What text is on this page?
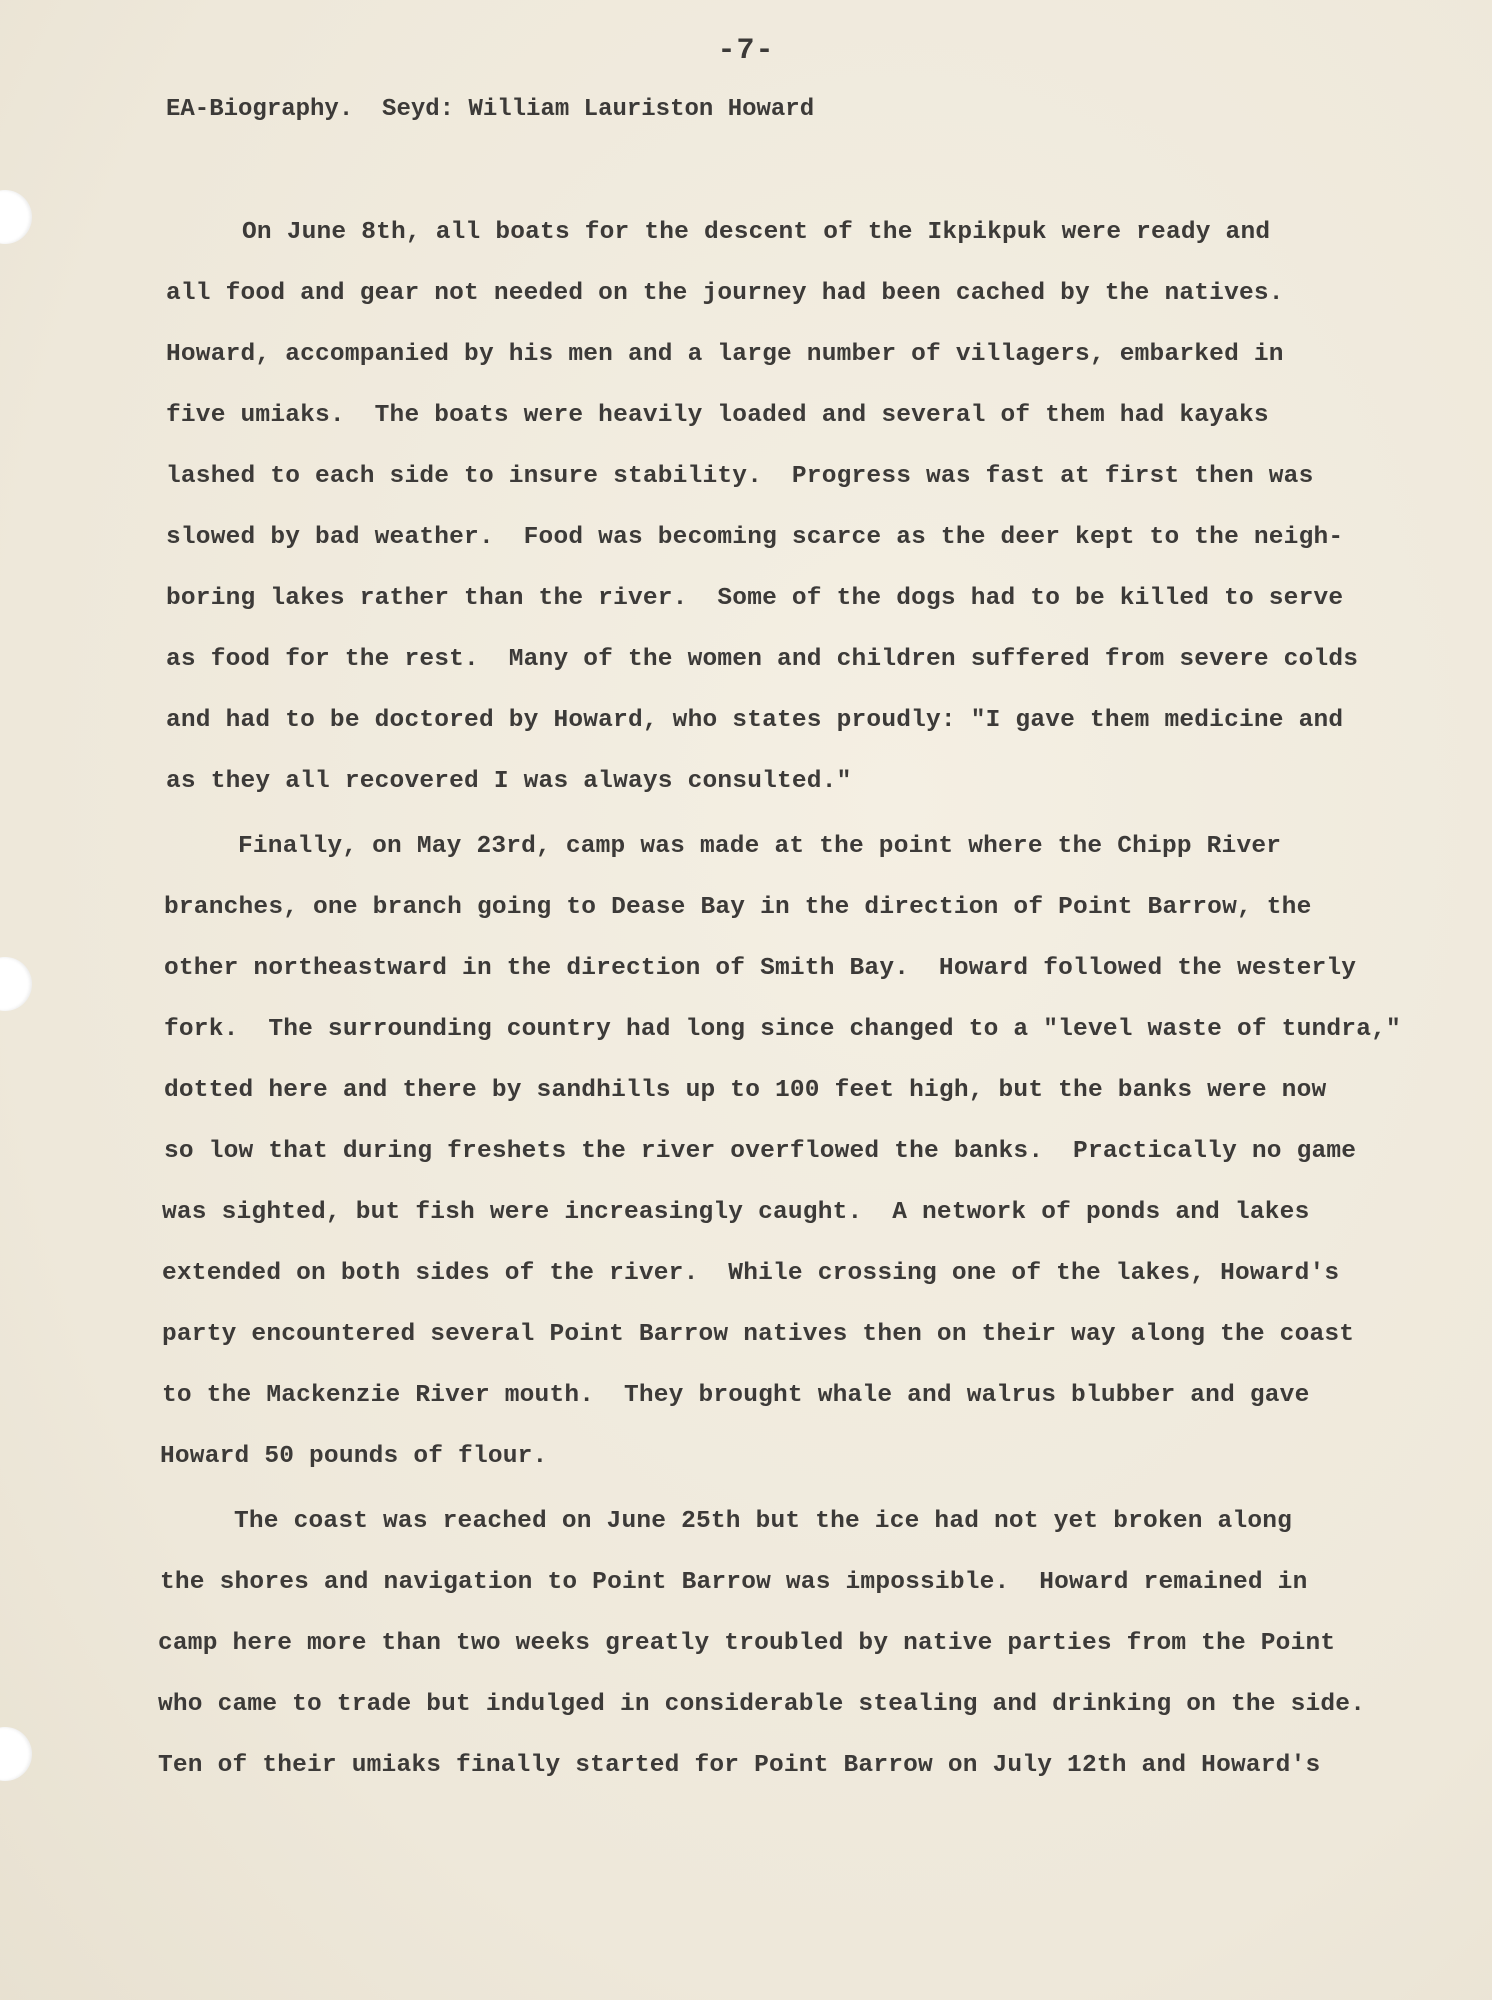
-7-
EA-Biography.  Seyd: William Lauriston Howard
On June 8th, all boats for the descent of the Ikpikpuk were ready and
all food and gear not needed on the journey had been cached by the natives.
Howard, accompanied by his men and a large number of villagers, embarked in
five umiaks.  The boats were heavily loaded and several of them had kayaks
lashed to each side to insure stability.  Progress was fast at first then was
slowed by bad weather.  Food was becoming scarce as the deer kept to the neigh-
boring lakes rather than the river.  Some of the dogs had to be killed to serve
as food for the rest.  Many of the women and children suffered from severe colds
and had to be doctored by Howard, who states proudly: "I gave them medicine and
as they all recovered I was always consulted."
Finally, on May 23rd, camp was made at the point where the Chipp River
branches, one branch going to Dease Bay in the direction of Point Barrow, the
other northeastward in the direction of Smith Bay.  Howard followed the westerly
fork.  The surrounding country had long since changed to a "level waste of tundra,"
dotted here and there by sandhills up to 100 feet high, but the banks were now
so low that during freshets the river overflowed the banks.  Practically no game
was sighted, but fish were increasingly caught.  A network of ponds and lakes
extended on both sides of the river.  While crossing one of the lakes, Howard's
party encountered several Point Barrow natives then on their way along the coast
to the Mackenzie River mouth.  They brought whale and walrus blubber and gave
Howard 50 pounds of flour.
The coast was reached on June 25th but the ice had not yet broken along
the shores and navigation to Point Barrow was impossible.  Howard remained in
camp here more than two weeks greatly troubled by native parties from the Point
who came to trade but indulged in considerable stealing and drinking on the side.
Ten of their umiaks finally started for Point Barrow on July 12th and Howard's
